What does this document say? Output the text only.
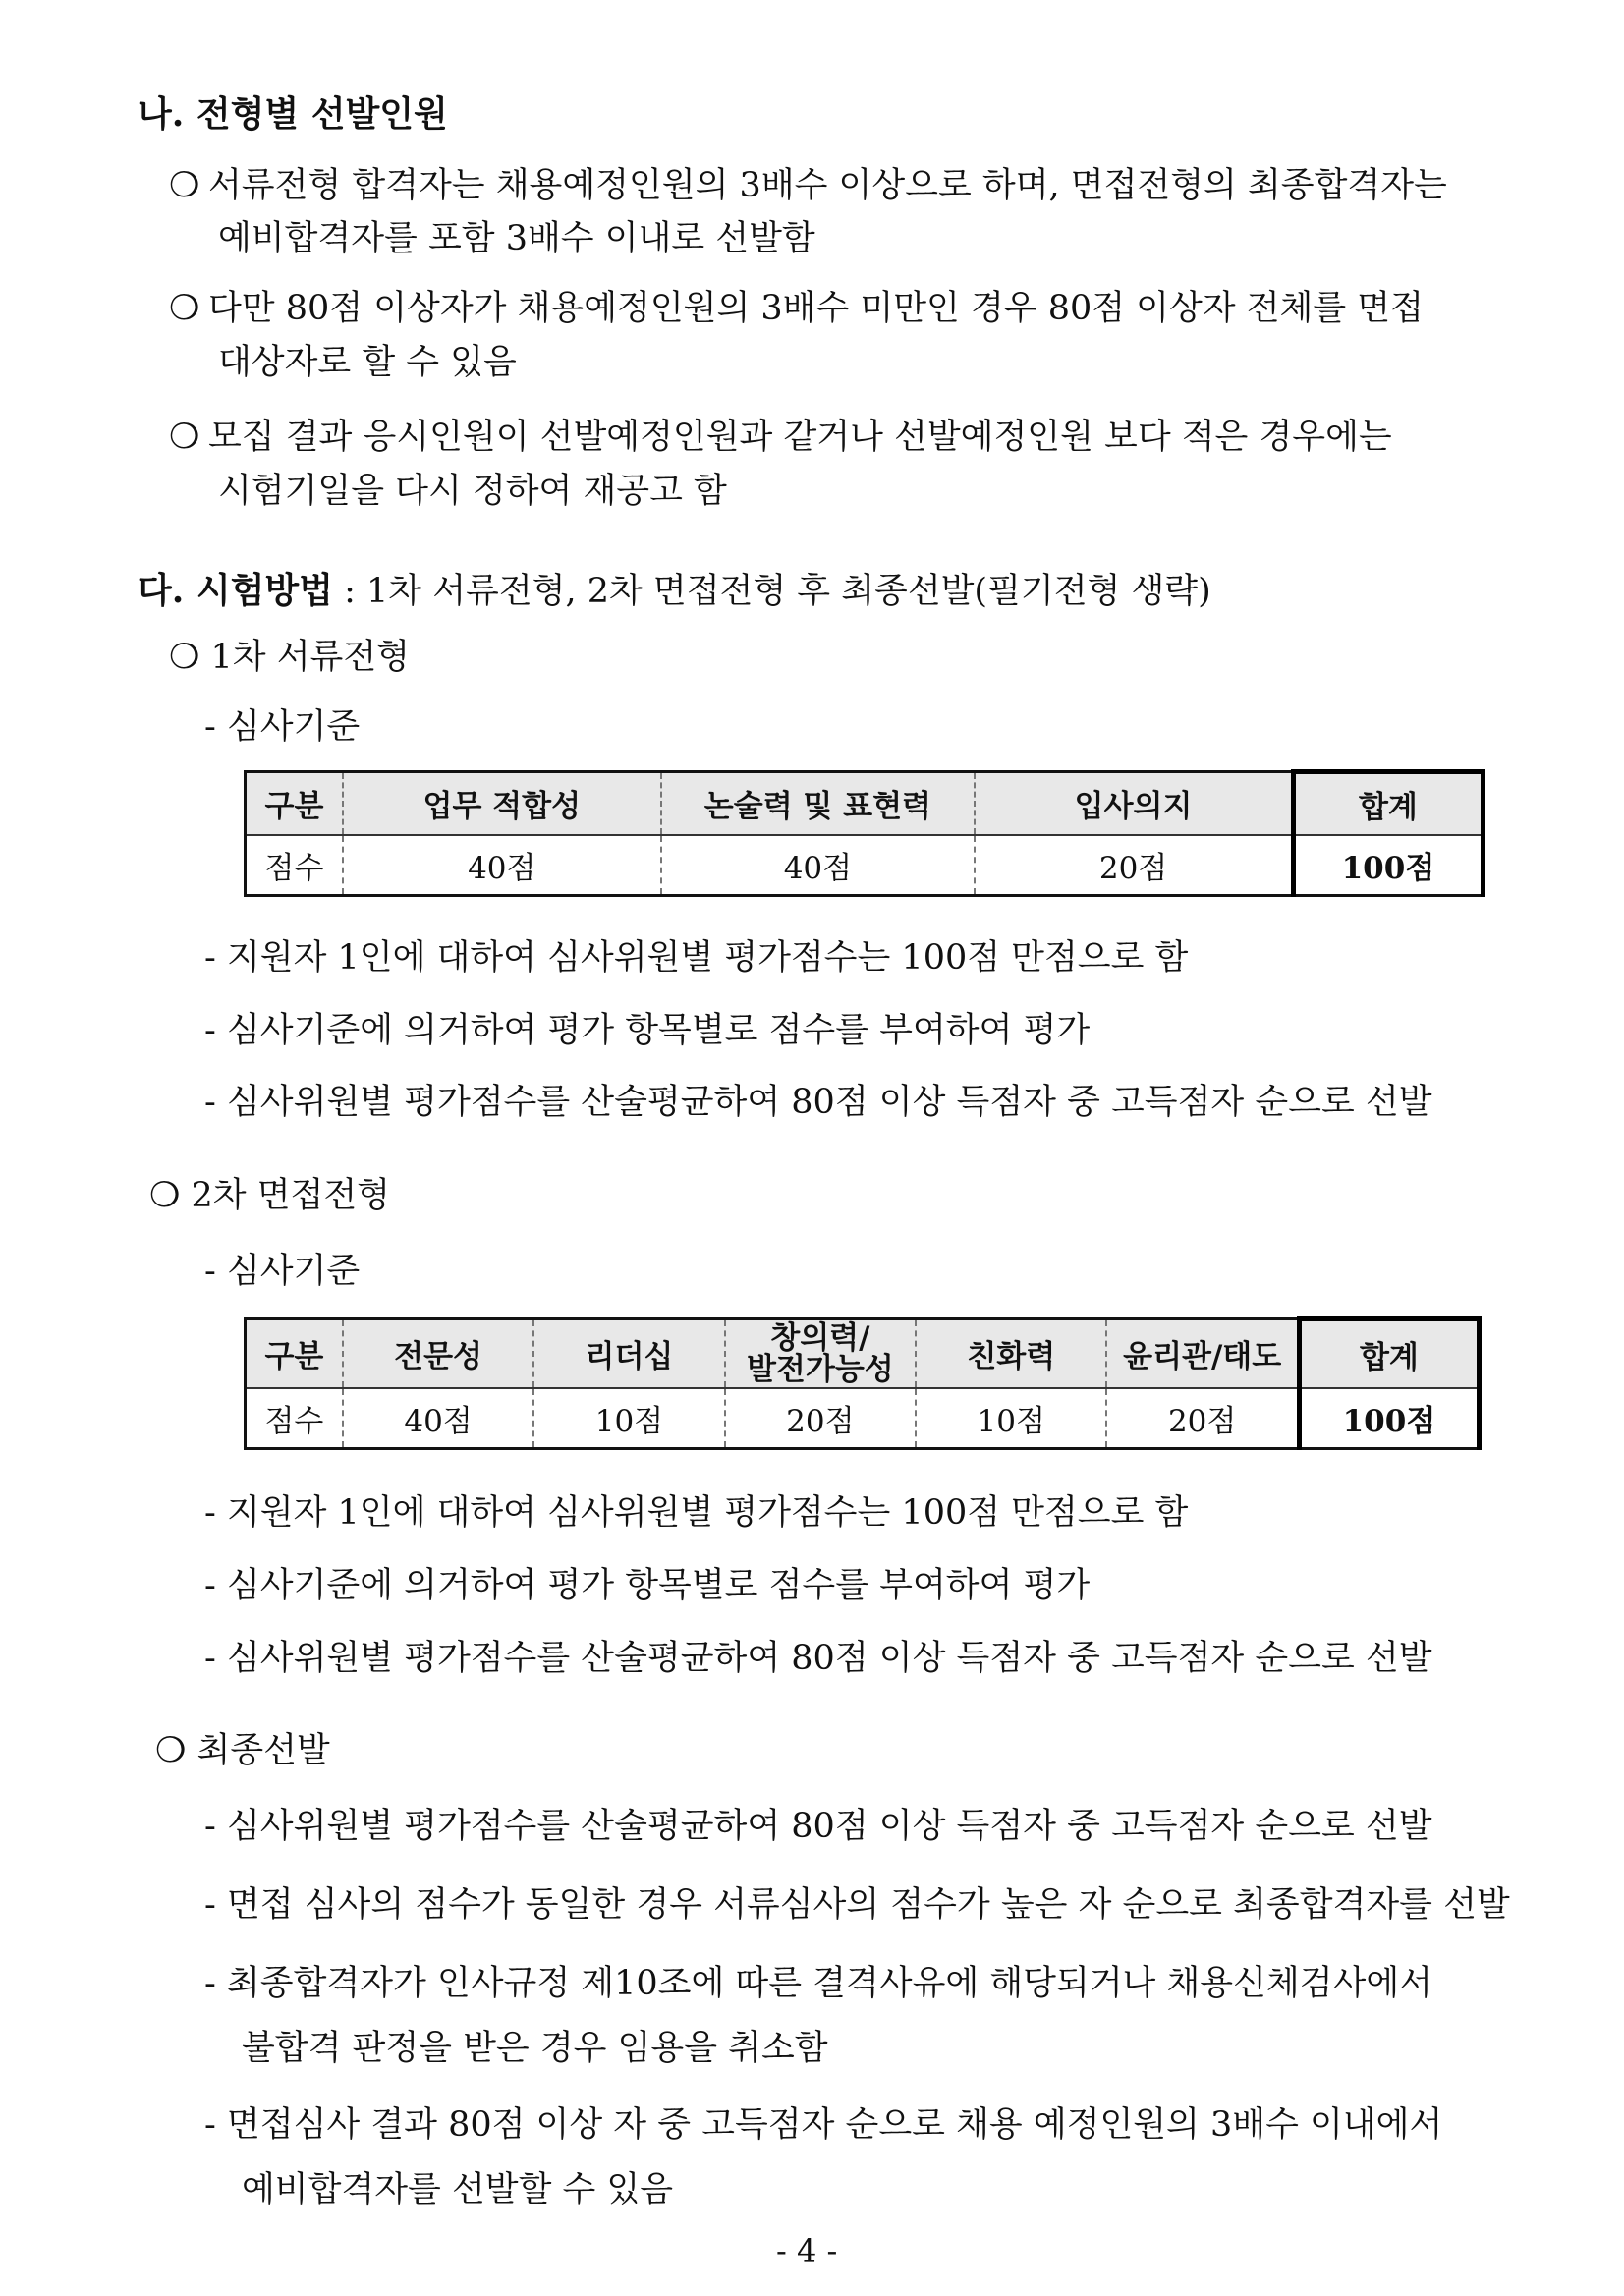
나. 전형별 선발인원
❍ 서류전형 합격자는 채용예정인원의 3배수 이상으로 하며, 면접전형의 최종합격자는
예비합격자를 포함 3배수 이내로 선발함
❍ 다만 80점 이상자가 채용예정인원의 3배수 미만인 경우 80점 이상자 전체를 면접
대상자로 할 수 있음
❍ 모집 결과 응시인원이 선발예정인원과 같거나 선발예정인원 보다 적은 경우에는
시험기일을 다시 정하여 재공고 함
다. 시험방법 : 1차 서류전형, 2차 면접전형 후 최종선발(필기전형 생략)
❍ 1차 서류전형
- 심사기준
구분	업무 적합성	논술력 및 표현력	입사의지	합계
점수	40점	40점	20점	100점
- 지원자 1인에 대하여 심사위원별 평가점수는 100점 만점으로 함
- 심사기준에 의거하여 평가 항목별로 점수를 부여하여 평가
- 심사위원별 평가점수를 산술평균하여 80점 이상 득점자 중 고득점자 순으로 선발
❍ 2차 면접전형
- 심사기준
구분	전문성	리더십	창의력/
발전가능성	친화력	윤리관/태도	합계
점수	40점	10점	20점	10점	20점	100점
- 지원자 1인에 대하여 심사위원별 평가점수는 100점 만점으로 함
- 심사기준에 의거하여 평가 항목별로 점수를 부여하여 평가
- 심사위원별 평가점수를 산술평균하여 80점 이상 득점자 중 고득점자 순으로 선발
❍ 최종선발
- 심사위원별 평가점수를 산술평균하여 80점 이상 득점자 중 고득점자 순으로 선발
- 면접 심사의 점수가 동일한 경우 서류심사의 점수가 높은 자 순으로 최종합격자를 선발
- 최종합격자가 인사규정 제10조에 따른 결격사유에 해당되거나 채용신체검사에서
불합격 판정을 받은 경우 임용을 취소함
- 면접심사 결과 80점 이상 자 중 고득점자 순으로 채용 예정인원의 3배수 이내에서
예비합격자를 선발할 수 있음
- 4 -
